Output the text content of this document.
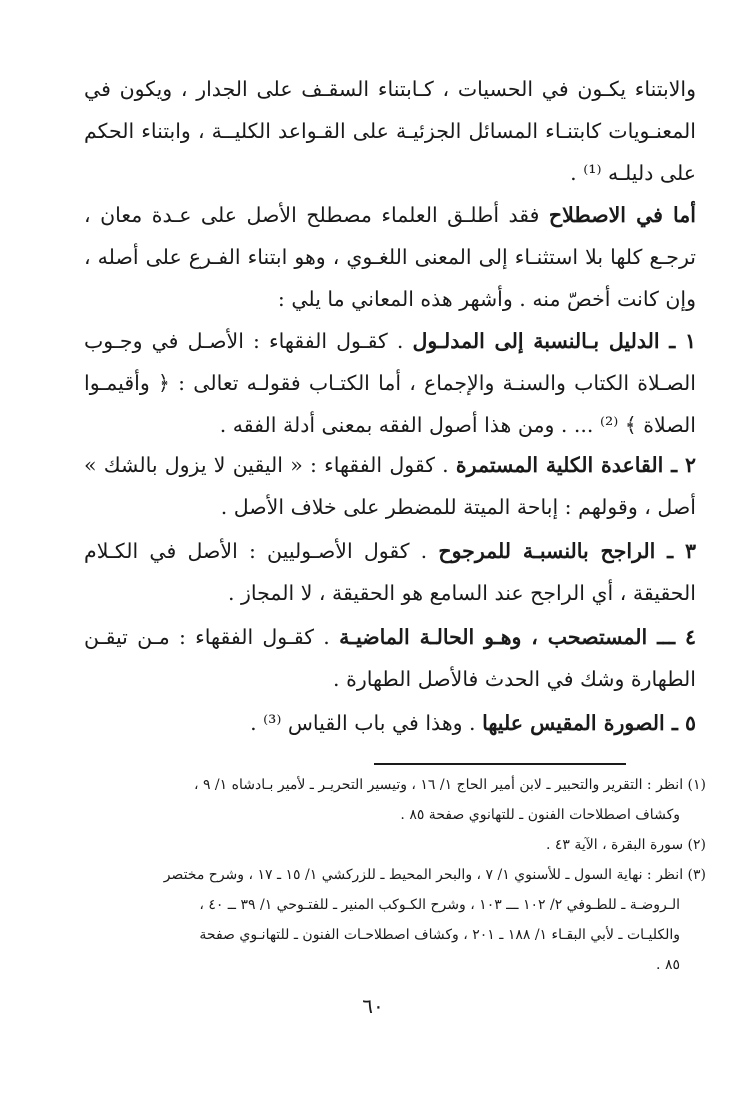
والابتناء يكـون في الحسيات ، كـابتناء السقـف على الجدار ، ويكون في
المعنـويات كابتنـاء المسائل الجزئيـة على القـواعد الكليــة ، وابتناء الحكم
على دليلـه ⁽¹⁾ .

أما في الاصطلاح فقد أطلـق العلماء مصطلح الأصل على عـدة معان ،
ترجـع كلها بلا استثنـاء إلى المعنى اللغـوي ، وهو ابتناء الفـرع على أصله ،
وإن كانت أخصّ منه . وأشهر هذه المعاني ما يلي :

١ ـ الدليل بـالنسبة إلى المدلـول . كقـول الفقهاء : الأصـل في وجـوب
الصـلاة الكتاب والسنـة والإجماع ، أما الكتـاب فقولـه تعالى : ﴿ وأقيمـوا
الصلاة ﴾ ⁽²⁾ ... . ومن هذا أصول الفقه بمعنى أدلة الفقه .

٢ ـ القاعدة الكلية المستمرة . كقول الفقهاء : « اليقين لا يزول بالشك »
أصل ، وقولهم : إباحة الميتة للمضطر على خلاف الأصل .

٣ ـ الراجح بالنسبـة للمرجوح . كقول الأصـوليين : الأصل في الكـلام
الحقيقة ، أي الراجح عند السامع هو الحقيقة ، لا المجاز .

٤ ـــ المستصحب ، وهـو الحالـة الماضيـة . كقـول الفقهاء : مـن تيقـن
الطهارة وشك في الحدث فالأصل الطهارة .

٥ ـ الصورة المقيس عليها . وهذا في باب القياس ⁽³⁾ .

(١) انظر : التقرير والتحبير ـ لابن أمير الحاج ١/ ١٦ ، وتيسير التحريـر ـ لأمير بـادشاه ١/ ٩ ،
وكشاف اصطلاحات الفنون ـ للتهانوي صفحة ٨٥ .
(٢) سورة البقرة ، الآية ٤٣ .
(٣) انظر : نهاية السول ـ للأسنوي ١/ ٧ ، والبحر المحيط ـ للزركشي ١/ ١٥ ـ ١٧ ، وشرح مختصر
الـروضـة ـ للطـوفي ٢/ ١٠٢ ـــ ١٠٣ ، وشرح الكـوكب المنير ـ للفتـوحي ١/ ٣٩ ــ ٤٠ ،
والكليـات ـ لأبي البقـاء ١/ ١٨٨ ـ ٢٠١ ، وكشاف اصطلاحـات الفنون ـ للتهانـوي صفحة
٨٥ .
٦٠
